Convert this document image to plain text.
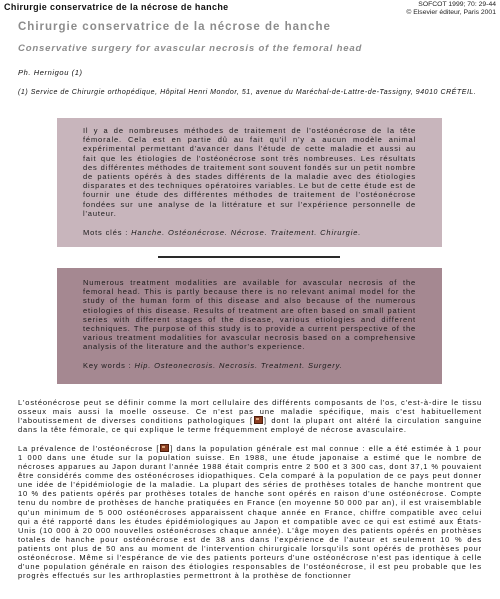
Chirurgie conservatrice de la nécrose de hanche	SOFCOT 1999; 70: 29-44
© Elsevier éditeur, Paris 2001
Chirurgie conservatrice de la nécrose de hanche
Conservative surgery for avascular necrosis of the femoral head
Ph. Hernigou (1)
(1) Service de Chirurgie orthopédique, Hôpital Henri Mondor, 51, avenue du Maréchal-de-Lattre-de-Tassigny, 94010 CRÉTEIL.

Il y a de nombreuses méthodes de traitement de l'ostéonécrose de la tête fémorale. Cela est en partie dû au fait qu'il n'y a aucun modèle animal expérimental permettant d'avancer dans l'étude de cette maladie et aussi au fait que les étiologies de l'ostéonécrose sont très nombreuses. Les résultats des différentes méthodes de traitement sont souvent fondés sur un petit nombre de patients opérés à des stades différents de la maladie avec des étiologies disparates et des techniques opératoires variables. Le but de cette étude est de fournir une étude des différentes méthodes de traitement de l'ostéonécrose fondées sur une analyse de la littérature et sur l'expérience personnelle de l'auteur.

Mots clés : Hanche. Ostéonécrose. Nécrose. Traitement. Chirurgie.

Numerous treatment modalities are available for avascular necrosis of the femoral head. This is partly because there is no relevant animal model for the study of the human form of this disease and also because of the numerous etiologies of this disease. Results of treatment are often based on small patient series with different stages of the disease, various etiologies and different techniques. The purpose of this study is to provide a current perspective of the various treatment modalities for avascular necrosis based on a comprehensive analysis of the literature and the author's experience.

Key words : Hip. Osteonecrosis. Necrosis. Treatment. Surgery.

L'ostéonécrose peut se définir comme la mort cellulaire des différents composants de l'os, c'est-à-dire le tissu osseux mais aussi la moelle osseuse. Ce n'est pas une maladie spécifique, mais c'est habituellement l'aboutissement de diverses conditions pathologiques [ ] dont la plupart ont altéré la circulation sanguine dans la tête fémorale, ce qui explique le terme fréquemment employé de nécrose avasculaire.

La prévalence de l'ostéonécrose [ ] dans la population générale est mal connue : elle a été estimée à 1 pour 1 000 dans une étude sur la population suisse. En 1988, une étude japonaise a estimé que le nombre de nécroses apparues au Japon durant l'année 1988 était compris entre 2 500 et 3 300 cas, dont 37,1 % pouvaient être considérés comme des ostéonécroses idiopathiques. Cela comparé à la population de ce pays peut donner une idée de l'épidémiologie de la maladie. La plupart des séries de prothèses totales de hanche montrent que 10 % des patients opérés par prothèses totales de hanche sont opérés en raison d'une ostéonécrose. Compte tenu du nombre de prothèses de hanche pratiquées en France (en moyenne 50 000 par an), il est vraisemblable qu'un minimum de 5 000 ostéonécroses apparaissent chaque année en France, chiffre compatible avec celui qui a été rapporté dans les études épidémiologiques au Japon et compatible avec ce qui est estimé aux États-Unis (10 000 à 20 000 nouvelles ostéonécroses chaque année). L'âge moyen des patients opérés en prothèses totales de hanche pour ostéonécrose est de 38 ans dans l'expérience de l'auteur et seulement 10 % des patients ont plus de 50 ans au moment de l'intervention chirurgicale lorsqu'ils sont opérés de prothèses pour ostéonécrose. Même si l'espérance de vie des patients porteurs d'une ostéonécrose n'est pas identique à celle d'une population générale en raison des étiologies responsables de l'ostéonécrose, il est peu probable que les progrès effectués sur les arthroplasties permettront à la prothèse de fonctionner
